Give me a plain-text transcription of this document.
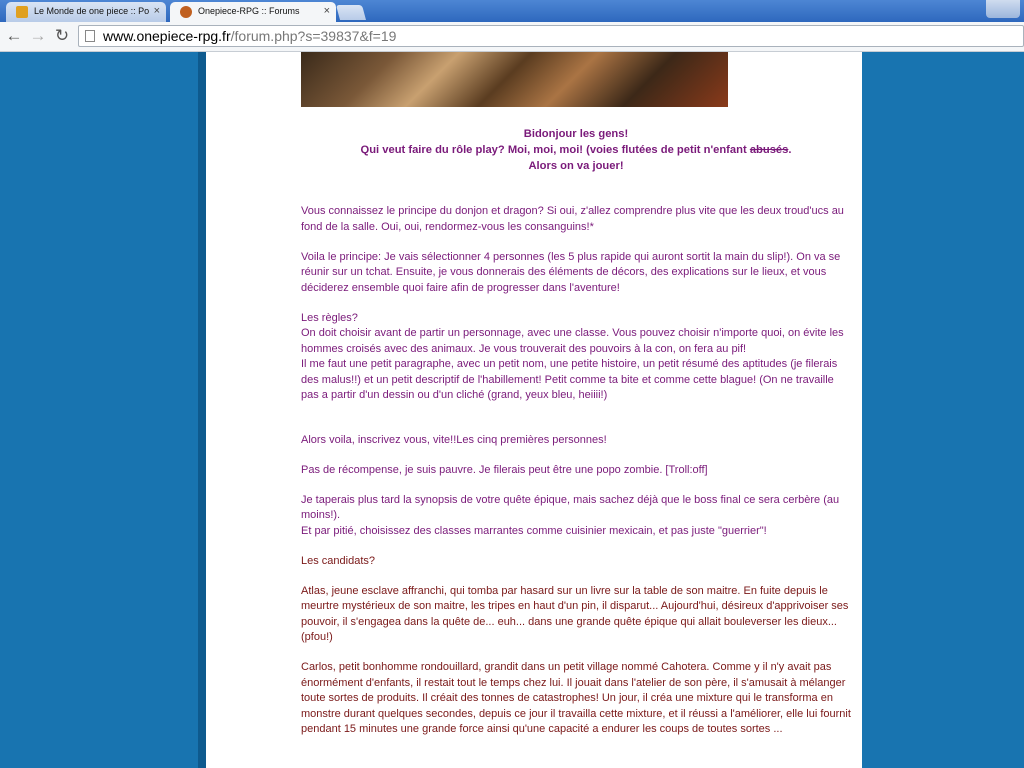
Le Monde de one piece :: Po ×	Onepiece-RPG :: Forums ×
← → ↻ www.onepiece-rpg.fr/forum.php?s=39837&f=19
Bidonjour les gens!
Qui veut faire du rôle play? Moi, moi, moi! (voies flutées de petit n'enfant abusés.
Alors on va jouer!

Vous connaissez le principe du donjon et dragon? Si oui, z'allez comprendre plus vite que les deux troud'ucs au fond de la salle. Oui, oui, rendormez-vous les consanguins!*

Voila le principe: Je vais sélectionner 4 personnes (les 5 plus rapide qui auront sortit la main du slip!). On va se réunir sur un tchat. Ensuite, je vous donnerais des éléments de décors, des explications sur le lieux, et vous déciderez ensemble quoi faire afin de progresser dans l'aventure!

Les règles?
On doit choisir avant de partir un personnage, avec une classe. Vous pouvez choisir n'importe quoi, on évite les hommes croisés avec des animaux. Je vous trouverait des pouvoirs à la con, on fera au pif!
Il me faut une petit paragraphe, avec un petit nom, une petite histoire, un petit résumé des aptitudes (je filerais des malus!!) et un petit descriptif de l'habillement! Petit comme ta bite et comme cette blague! (On ne travaille pas a partir d'un dessin ou d'un cliché (grand, yeux bleu, heiiii!)

Alors voila, inscrivez vous, vite!!Les cinq premières personnes!

Pas de récompense, je suis pauvre. Je filerais peut être une popo zombie. [Troll:off]

Je taperais plus tard la synopsis de votre quête épique, mais sachez déjà que le boss final ce sera cerbère (au moins!).
Et par pitié, choisissez des classes marrantes comme cuisinier mexicain, et pas juste "guerrier"!

Les candidats?

Atlas, jeune esclave affranchi, qui tomba par hasard sur un livre sur la table de son maitre. En fuite depuis le meurtre mystérieux de son maitre, les tripes en haut d'un pin, il disparut... Aujourd'hui, désireux d'apprivoiser ses pouvoir, il s'engagea dans la quête de... euh... dans une grande quête épique qui allait bouleverser les dieux... (pfou!)

Carlos, petit bonhomme rondouillard, grandit dans un petit village nommé Cahotera. Comme y il n'y avait pas énormément d'enfants, il restait tout le temps chez lui. Il jouait dans l'atelier de son père, il s'amusait à mélanger toute sortes de produits. Il créait des tonnes de catastrophes! Un jour, il créa une mixture qui le transforma en monstre durant quelques secondes, depuis ce jour il travailla cette mixture, et il réussi a l'améliorer, elle lui fournit pendant 15 minutes une grande force ainsi qu'une capacité a endurer les coups de toutes sortes ...
